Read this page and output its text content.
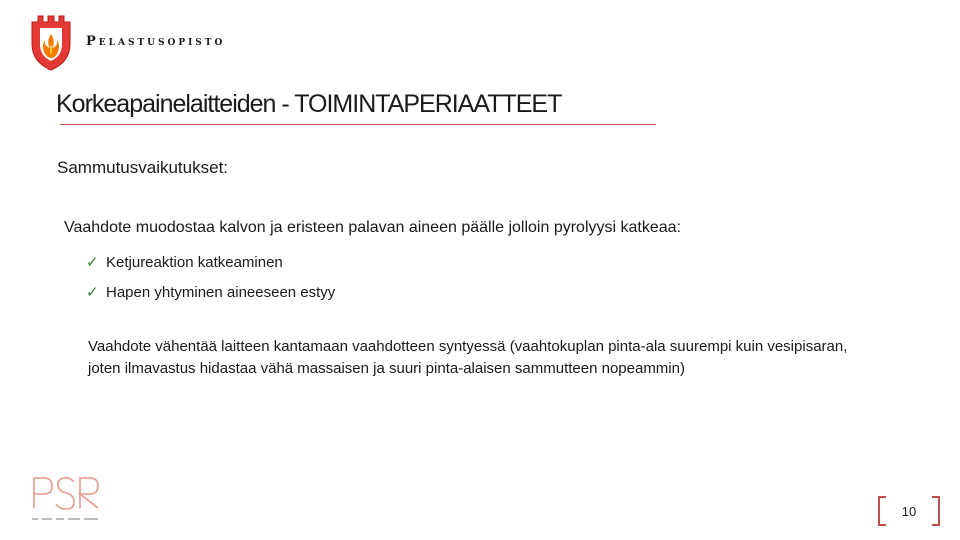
Pelastusopisto
Korkeapainelaitteiden - TOIMINTAPERIAATTEET
Sammutusvaikutukset:
Vaahdote muodostaa kalvon ja eristeen palavan aineen päälle jolloin pyrolyysi katkeaa:
✓ Ketjureaktion katkeaminen
✓ Hapen yhtyminen aineeseen estyy
Vaahdote vähentää laitteen kantamaan vaahdotteen syntyessä (vaahtokuplan pinta-ala suurempi kuin vesipisaran, joten ilmavastus hidastaa vähä massaisen ja suuri pinta-alaisen sammutteen nopeammin)
10
